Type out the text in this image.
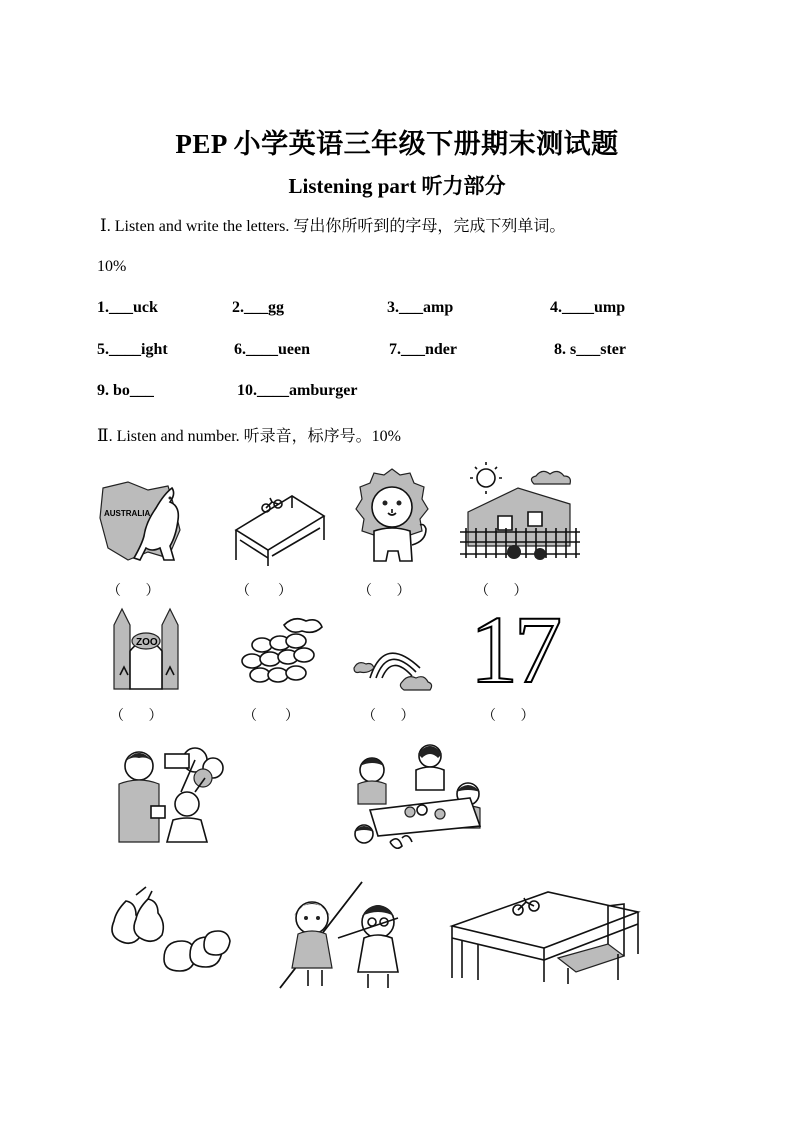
PEP 小学英语三年级下册期末测试题
Listening part 听力部分
Ⅰ. Listen and write the letters. 写出你所听到的字母，完成下列单词。
10%
1.___uck	2.___gg	3.___amp	4.____ump
5.____ight	6.____ueen	7.___nder	8. s___ster
9. bo___	10.____amburger
Ⅱ. Listen and number. 听录音，标序号。10%
AUSTRALIA
（       ）	（        ）	（       ）	（       ）
ZOO	17
（       ）	（        ）	（       ）	（       ）
Ⅲ. Listen and circle. 听一听，
